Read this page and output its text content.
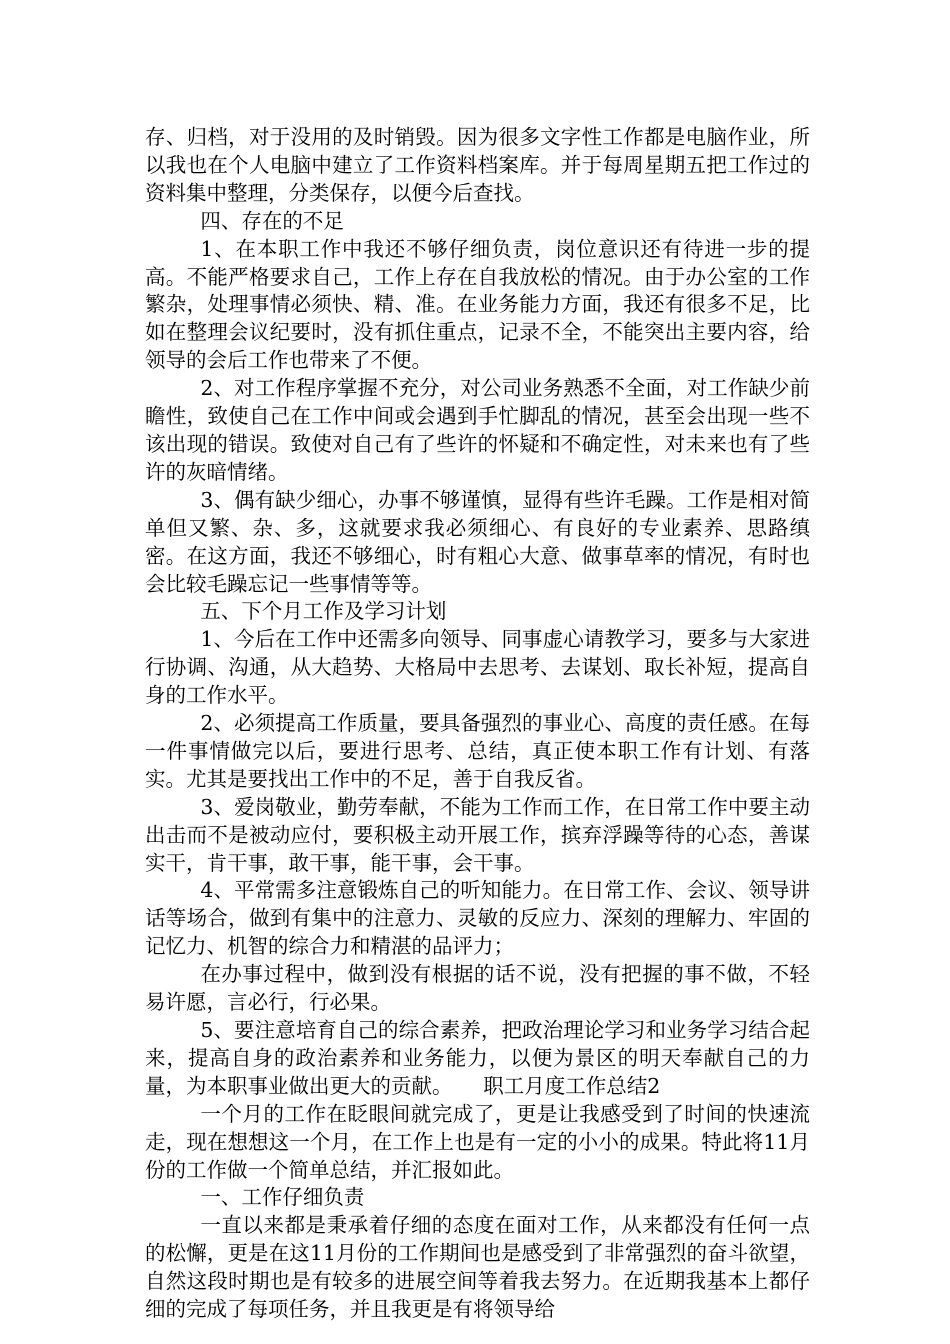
存、归档，对于没用的及时销毁。因为很多文字性工作都是电脑作业，所以我也在个人电脑中建立了工作资料档案库。并于每周星期五把工作过的资料集中整理，分类保存，以便今后查找。

四、存在的不足

1、在本职工作中我还不够仔细负责，岗位意识还有待进一步的提高。不能严格要求自己，工作上存在自我放松的情况。由于办公室的工作繁杂，处理事情必须快、精、准。在业务能力方面，我还有很多不足，比如在整理会议纪要时，没有抓住重点，记录不全，不能突出主要内容，给领导的会后工作也带来了不便。

2、对工作程序掌握不充分，对公司业务熟悉不全面，对工作缺少前瞻性，致使自己在工作中间或会遇到手忙脚乱的情况，甚至会出现一些不该出现的错误。致使对自己有了些许的怀疑和不确定性，对未来也有了些许的灰暗情绪。

3、偶有缺少细心，办事不够谨慎，显得有些许毛躁。工作是相对简单但又繁、杂、多，这就要求我必须细心、有良好的专业素养、思路缜密。在这方面，我还不够细心，时有粗心大意、做事草率的情况，有时也会比较毛躁忘记一些事情等等。

五、下个月工作及学习计划

1、今后在工作中还需多向领导、同事虚心请教学习，要多与大家进行协调、沟通，从大趋势、大格局中去思考、去谋划、取长补短，提高自身的工作水平。

2、必须提高工作质量，要具备强烈的事业心、高度的责任感。在每一件事情做完以后，要进行思考、总结，真正使本职工作有计划、有落实。尤其是要找出工作中的不足，善于自我反省。

3、爱岗敬业，勤劳奉献，不能为工作而工作，在日常工作中要主动出击而不是被动应付，要积极主动开展工作，摈弃浮躁等待的心态，善谋实干，肯干事，敢干事，能干事，会干事。

4、平常需多注意锻炼自己的听知能力。在日常工作、会议、领导讲话等场合，做到有集中的注意力、灵敏的反应力、深刻的理解力、牢固的记忆力、机智的综合力和精湛的品评力；

在办事过程中，做到没有根据的话不说，没有把握的事不做，不轻易许愿，言必行，行必果。

5、要注意培育自己的综合素养，把政治理论学习和业务学习结合起来，提高自身的政治素养和业务能力，以便为景区的明天奉献自己的力量，为本职事业做出更大的贡献。　　职工月度工作总结2

一个月的工作在眨眼间就完成了，更是让我感受到了时间的快速流走，现在想想这一个月，在工作上也是有一定的小小的成果。特此将11月份的工作做一个简单总结，并汇报如此。

一、工作仔细负责

一直以来都是秉承着仔细的态度在面对工作，从来都没有任何一点的松懈，更是在这11月份的工作期间也是感受到了非常强烈的奋斗欲望，自然这段时期也是有较多的进展空间等着我去努力。在近期我基本上都仔细的完成了每项任务，并且我更是有将领导给
